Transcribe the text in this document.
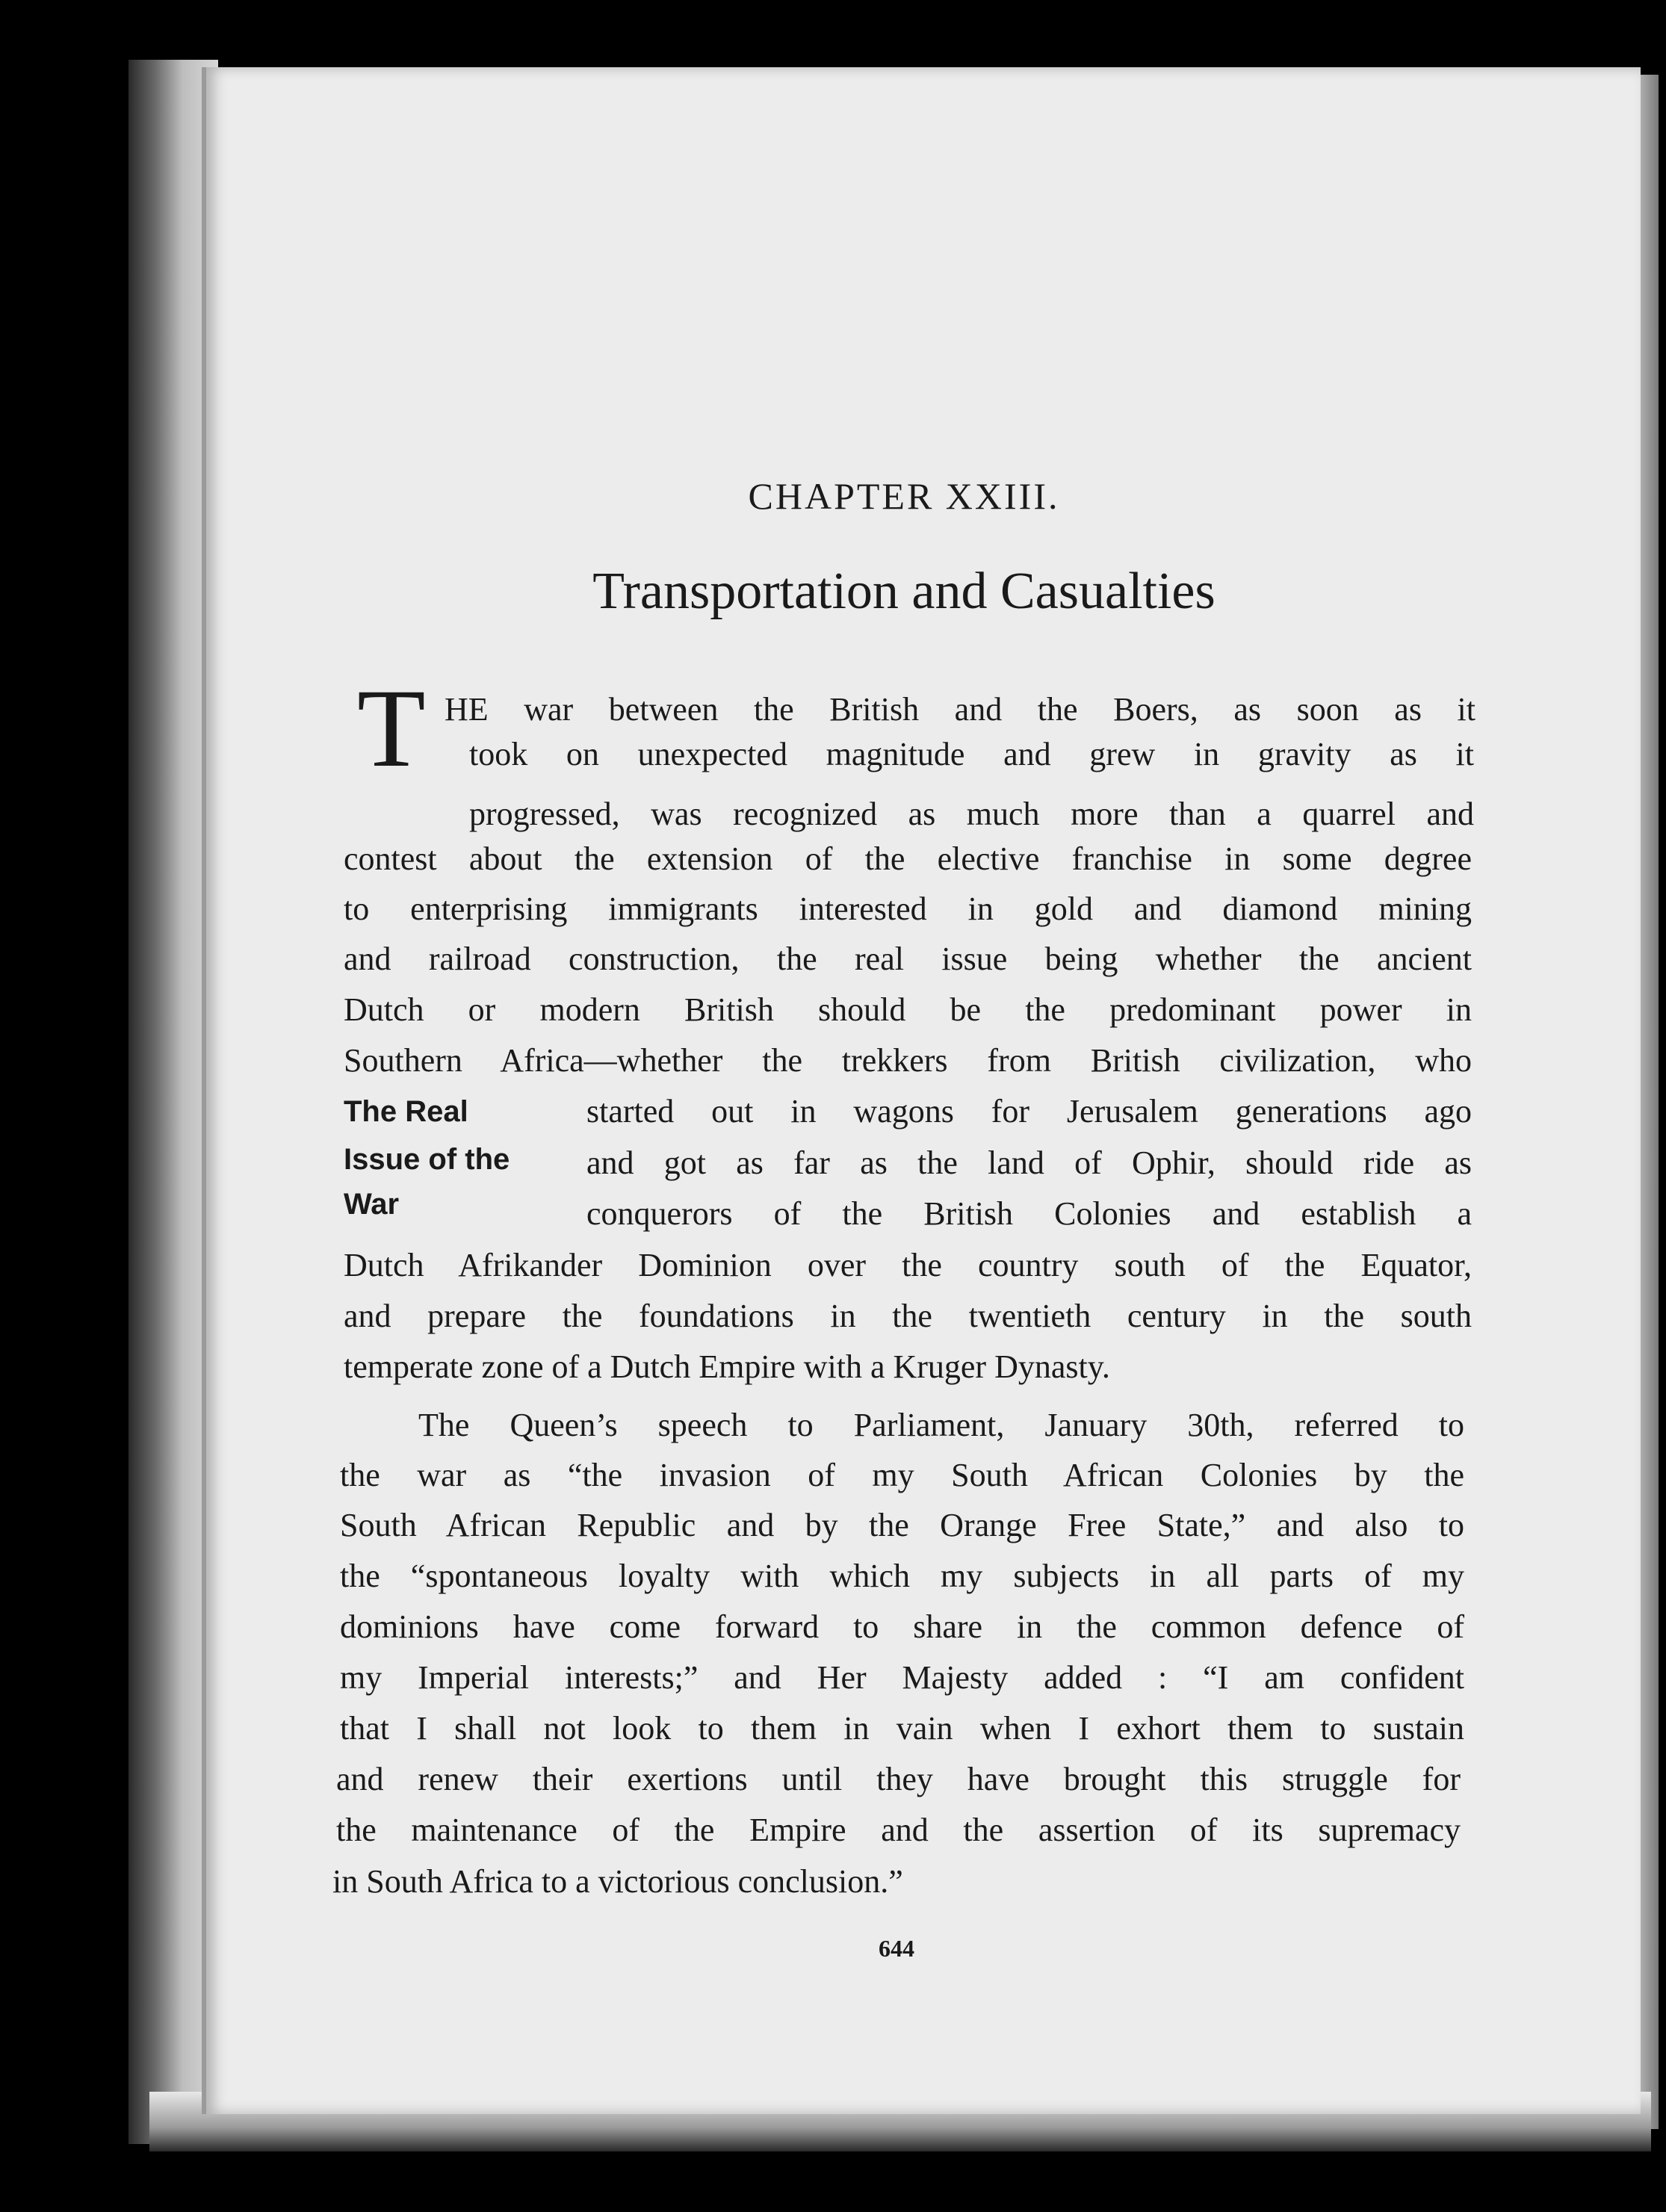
CHAPTER XXIII.
Transportation and Casualties
T HE war between the British and the Boers, as soon as it
took on unexpected magnitude and grew in gravity as it
progressed, was recognized as much more than a quarrel and
contest about the extension of the elective franchise in some degree
to enterprising immigrants interested in gold and diamond mining
and railroad construction, the real issue being whether the ancient
Dutch or modern British should be the predominant power in
Southern Africa—whether the trekkers from British civilization, who
The Real
Issue of the
War
started out in wagons for Jerusalem generations ago
and got as far as the land of Ophir, should ride as
conquerors of the British Colonies and establish a
Dutch Afrikander Dominion over the country south of the Equator,
and prepare the foundations in the twentieth century in the south
temperate zone of a Dutch Empire with a Kruger Dynasty.
The Queen’s speech to Parliament, January 30th, referred to
the war as “the invasion of my South African Colonies by the
South African Republic and by the Orange Free State,” and also to
the “spontaneous loyalty with which my subjects in all parts of my
dominions have come forward to share in the common defence of
my Imperial interests;” and Her Majesty added : “I am confident
that I shall not look to them in vain when I exhort them to sustain
and renew their exertions until they have brought this struggle for
the maintenance of the Empire and the assertion of its supremacy
in South Africa to a victorious conclusion.”
644
